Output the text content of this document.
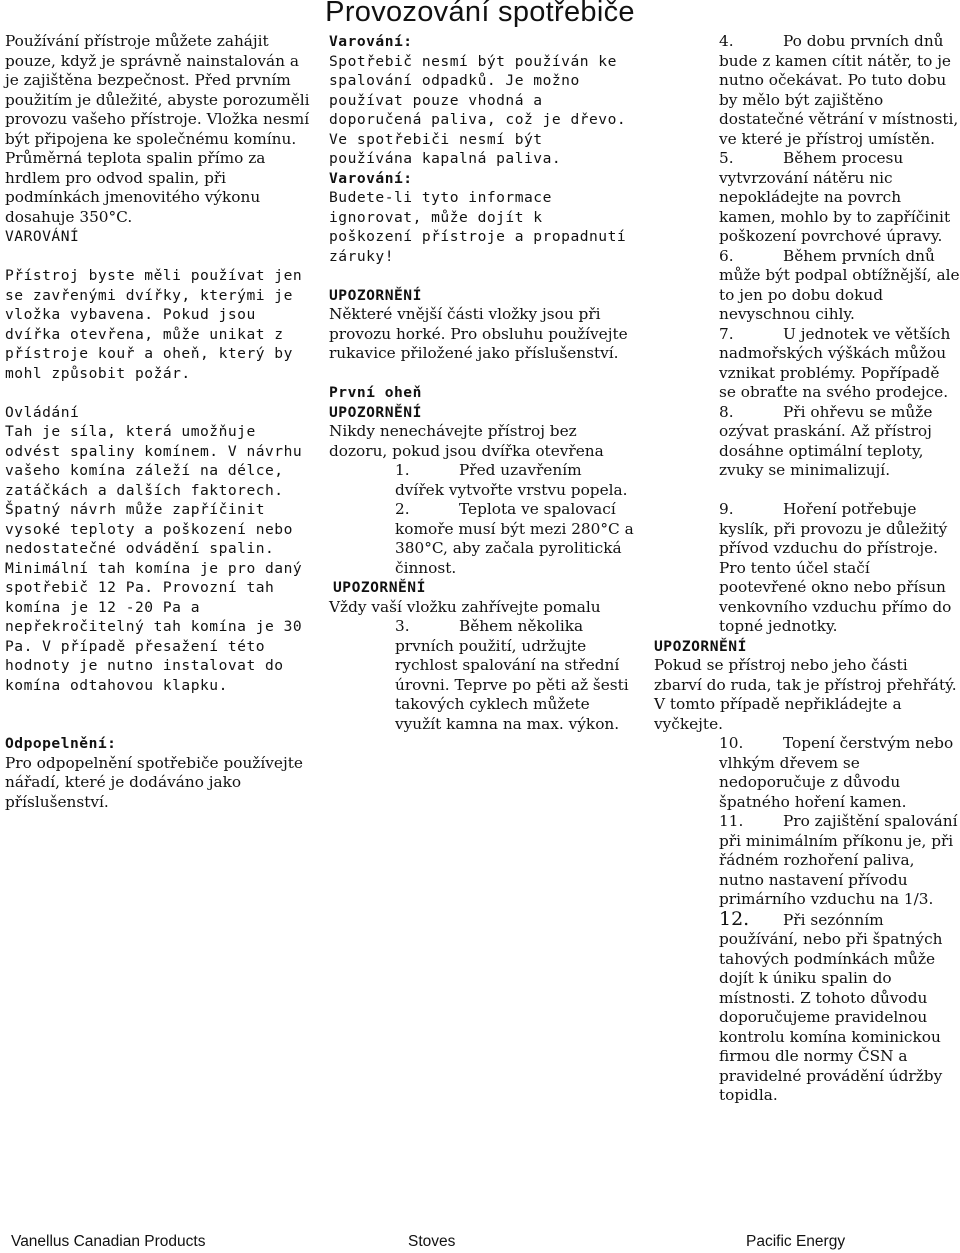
Provozování spotřebiče

Používání přístroje můžete zahájit pouze, když je správně nainstalován a je zajištěna bezpečnost. Před prvním použitím je důležité, abyste porozuměli provozu vašeho přístroje. Vložka nesmí být připojena ke společnému komínu. Průměrná teplota spalin přímo za hrdlem pro odvod spalin, při podmínkách jmenovitého výkonu dosahuje 350°C.

VAROVÁNÍ

Přístroj byste měli používat jen se zavřenými dvířky, kterými je vložka vybavena. Pokud jsou dvířka otevřena, může unikat z přístroje kouř a oheň, který by mohl způsobit požár.

Ovládání

Tah je síla, která umožňuje odvést spaliny komínem. V návrhu vašeho komína záleží na délce, zatáčkách a dalších faktorech. Špatný návrh může zapříčinit vysoké teploty a poškození nebo nedostatečné odvádění spalin. Minimální tah komína je pro daný spotřebič 12 Pa. Provozní tah komína je 12 -20 Pa a nepřekročitelný tah komína je 30 Pa. V případě přesažení této hodnoty je nutno instalovat do komína odtahovou klapku.

Odpopelnění:

Pro odpopelnění spotřebiče používejte nářadí, které je dodáváno jako příslušenství.

Varování:

Spotřebič nesmí být používán ke spalování odpadků. Je možno používat pouze vhodná a doporučená paliva, což je dřevo.

Ve spotřebiči nesmí být používána kapalná paliva.

Varování:

Budete-li tyto informace ignorovat, může dojít k poškození přístroje a propadnutí záruky!

UPOZORNĚNÍ

Některé vnější části vložky jsou při provozu horké. Pro obsluhu používejte rukavice přiložené jako příslušenství.

První oheň

UPOZORNĚNÍ

Nikdy nenechávejte přístroj bez dozoru, pokud jsou dvířka otevřena

1.	Před uzavřením dvířek vytvořte vrstvu popela.
2.	Teplota ve spalovací komoře musí být mezi 280°C a 380°C, aby začala pyrolitická činnost.

UPOZORNĚNÍ

Vždy vaší vložku zahřívejte pomalu

3.	Během několika prvních použití, udržujte rychlost spalování na střední úrovni. Teprve po pěti až šesti takových cyklech můžete využít kamna na max. výkon.
4.	Po dobu prvních dnů bude z kamen cítit nátěr, to je nutno očekávat. Po tuto dobu by mělo být zajištěno dostatečné větrání v místnosti, ve které je přístroj umístěn.
5.	Během procesu vytvrzování nátěru nic nepokládejte na povrch kamen, mohlo by to zapříčinit poškození povrchové úpravy.
6.	Během prvních dnů může být podpal obtížnější, ale to jen po dobu dokud nevyschnou cihly.
7.	U jednotek ve větších nadmořských výškách můžou vznikat problémy. Popřípadě se obraťte na svého prodejce.
8.	Při ohřevu se může ozývat praskání. Až přístroj dosáhne optimální teploty, zvuky se minimalizují.
9.	Hoření potřebuje kyslík, při provozu je důležitý přívod vzduchu do přístroje. Pro tento účel stačí pootevřené okno nebo přísun venkovního vzduchu přímo do topné jednotky.

UPOZORNĚNÍ

Pokud se přístroj nebo jeho části zbarví do ruda, tak je přístroj přehřátý. V tomto případě nepřikládejte a vyčkejte.

10.	Topení čerstvým nebo vlhkým dřevem se nedoporučuje z důvodu špatného hoření kamen.
11.	Pro zajištění spalování při minimálním příkonu je, při řádném rozhoření paliva, nutno nastavení přívodu primárního vzduchu na 1/3.
12. Při sezónním používání, nebo při špatných tahových podmínkách může dojít k úniku spalin do místnosti. Z tohoto důvodu doporučujeme pravidelnou kontrolu komína kominickou firmou dle normy ČSN a pravidelné provádění údržby topidla.
Vanellus Canadian Products	Stoves	Pacific Energy
